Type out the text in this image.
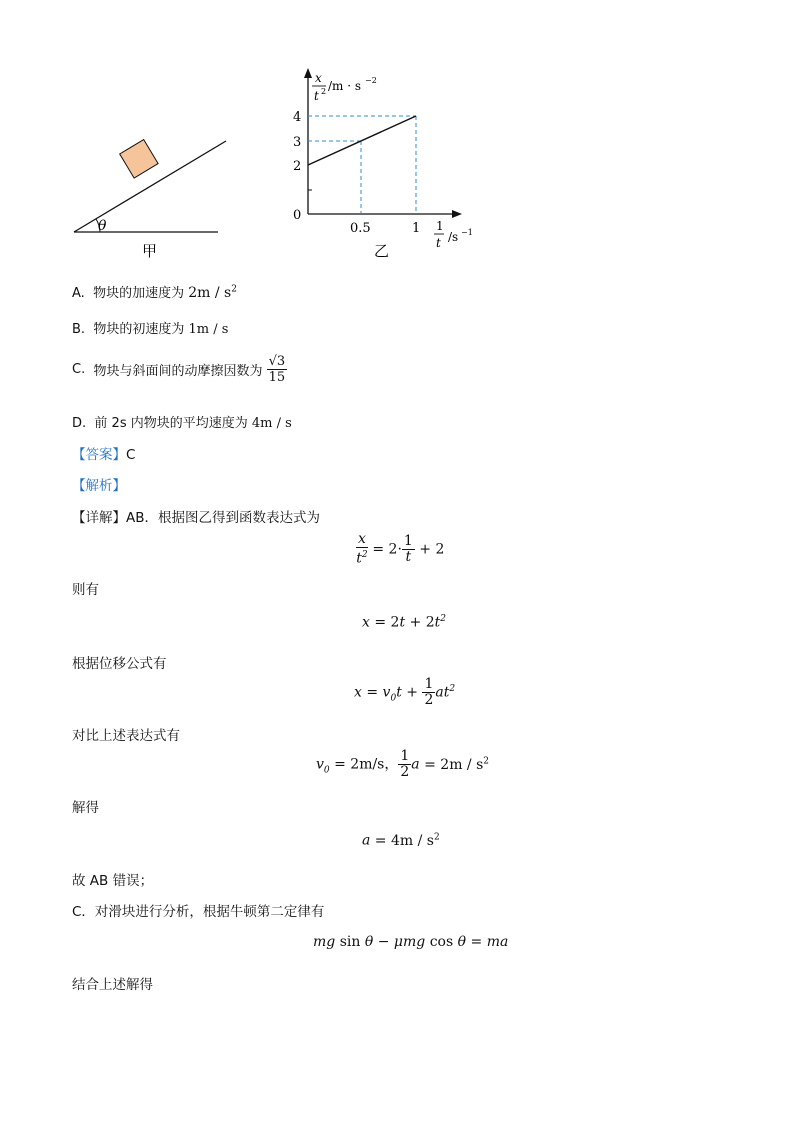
θ
甲
x
t 2 /m · s −2
4
3
2
0
0.5	1 1
t /s −1
乙
A. 物块的加速度为 $2m / s^2$
B. 物块的初速度为 1m / s
C. 物块与斜面间的动摩擦因数为 $\frac{√3}{15}$
D. 前 2s 内物块的平均速度为 4m / s
【答案】C
【解析】
【详解】AB．根据图乙得到函数表达式为
$\frac{x}{t^2} = 2\cdot \frac{1}{t} + 2$
则有
$x = 2t + 2t^2$
根据位移公式有
$x = v_0t + \frac{1}{2} at^2$
对比上述表达式有
$v_0 = 2m/s$， $\frac{1}{2}$ $a = 2m / s^2$
解得
$a = 4m / s^2$
故 AB 错误；
C．对滑块进行分析，根据牛顿第二定律有
mg sin θ − μmg cos θ = ma
结合上述解得
